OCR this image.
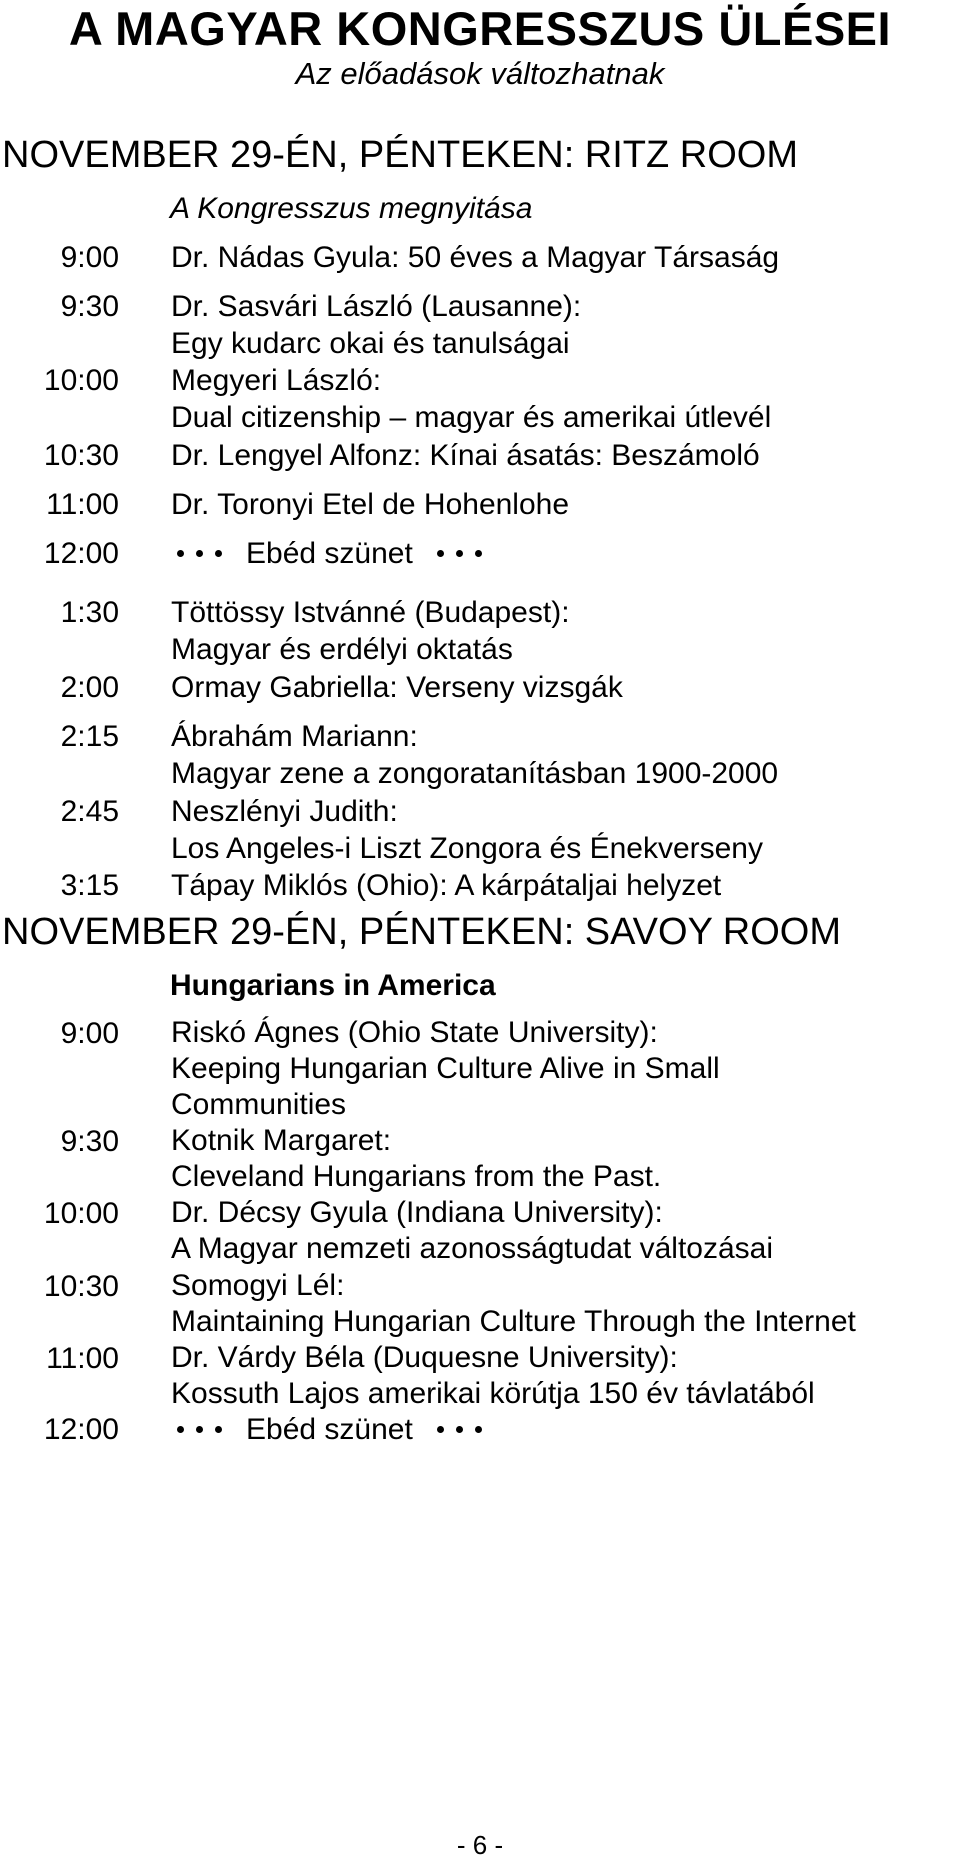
A MAGYAR KONGRESSZUS ÜLÉSEI
Az előadások változhatnak
NOVEMBER 29-ÉN, PÉNTEKEN: RITZ ROOM
A Kongresszus megnyitása
9:00 Dr. Nádas Gyula: 50 éves a Magyar Társaság
9:30 Dr. Sasvári László (Lausanne):
Egy kudarc okai és tanulságai
10:00 Megyeri László:
Dual citizenship – magyar és amerikai útlevél
10:30 Dr. Lengyel Alfonz: Kínai ásatás: Beszámoló
11:00 Dr. Toronyi Etel de Hohenlohe
12:00	Ebéd szünet
1:30 Töttössy Istvánné (Budapest):
Magyar és erdélyi oktatás
2:00 Ormay Gabriella: Verseny vizsgák
2:15 Ábrahám Mariann:
Magyar zene a zongoratanításban 1900-2000
2:45 Neszlényi Judith:
Los Angeles-i Liszt Zongora és Énekverseny
3:15 Tápay Miklós (Ohio): A kárpátaljai helyzet
NOVEMBER 29-ÉN, PÉNTEKEN: SAVOY ROOM
Hungarians in America
9:00 Riskó Ágnes (Ohio State University):
Keeping Hungarian Culture Alive in Small
Communities
9:30 Kotnik Margaret:
Cleveland Hungarians from the Past.
10:00 Dr. Décsy Gyula (Indiana University):
A Magyar nemzeti azonosságtudat változásai
10:30 Somogyi Lél:
Maintaining Hungarian Culture Through the Internet
11:00 Dr. Várdy Béla (Duquesne University):
Kossuth Lajos amerikai körútja 150 év távlatából
12:00	Ebéd szünet
- 6 -
